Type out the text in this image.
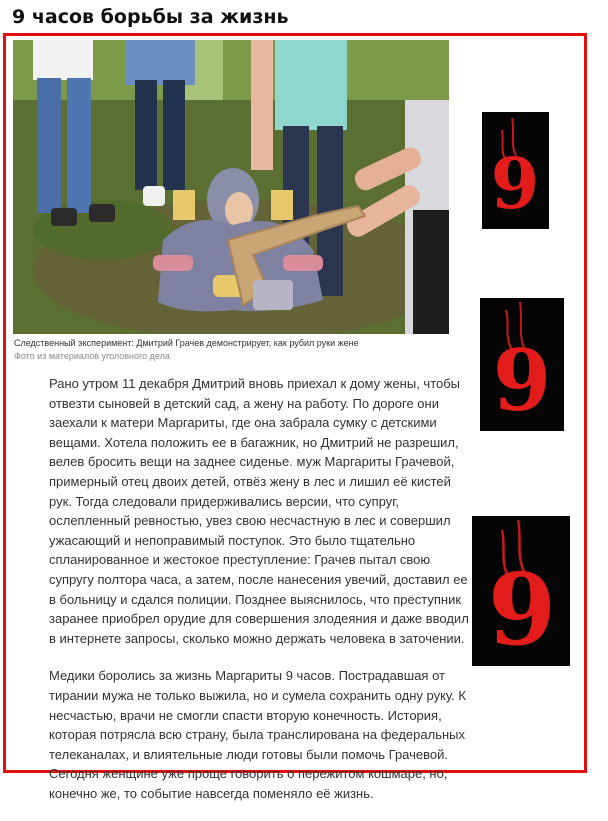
9 часов борьбы за жизнь

Следственный эксперимент: Дмитрий Грачев демонстрирует, как рубил руки жене

Фото из материалов уголовного дела

Рано утром 11 декабря Дмитрий вновь приехал к дому жены, чтобы отвезти сыновей в детский сад, а жену на работу. По дороге они заехали к матери Маргариты, где она забрала сумку с детскими вещами. Хотела положить ее в багажник, но Дмитрий не разрешил, велев бросить вещи на заднее сиденье. муж Маргариты Грачевой, примерный отец двоих детей, отвёз жену в лес и лишил её кистей рук. Тогда следовали придерживались версии, что супруг, ослепленный ревностью, увез свою несчастную в лес и совершил ужасающий и непоправимый поступок. Это было тщательно спланированное и жестокое преступление: Грачев пытал свою супругу полтора часа, а затем, после нанесения увечий, доставил ее в больницу и сдался полиции. Позднее выяснилось, что преступник заранее приобрел орудие для совершения злодеяния и даже вводил в интернете запросы, сколько можно держать человека в заточении.

Медики боролись за жизнь Маргариты 9 часов. Пострадавшая от тирании мужа не только выжила, но и сумела сохранить одну руку. К несчастью, врачи не смогли спасти вторую конечность. История, которая потрясла всю страну, была транслирована на федеральных телеканалах, и влиятельные люди готовы были помочь Грачевой. Сегодня женщине уже проще говорить о пережитом кошмаре, но, конечно же, то событие навсегда поменяло её жизнь.

9
9
9
